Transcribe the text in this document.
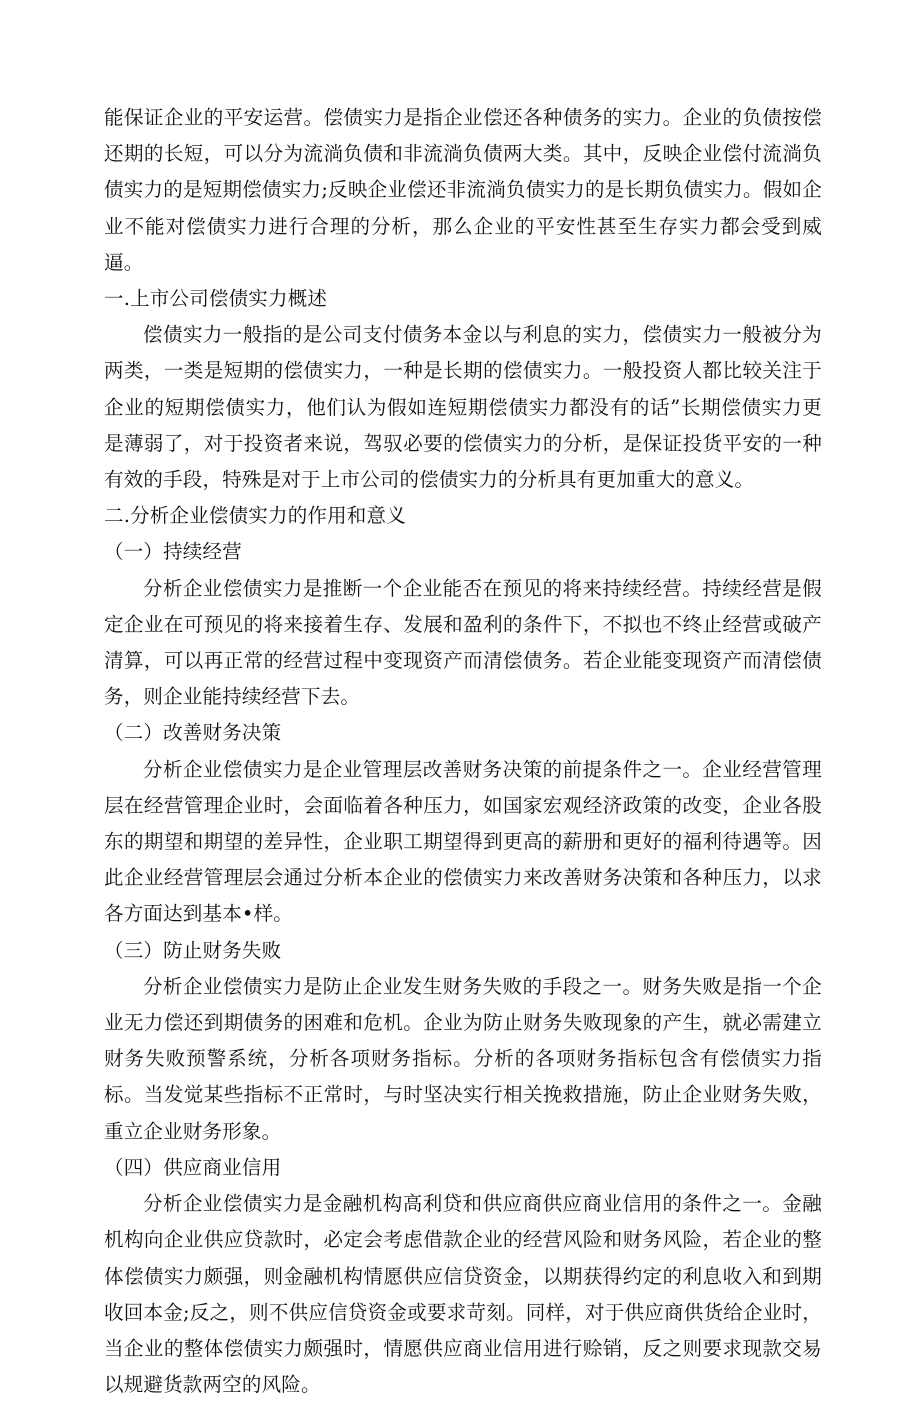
能保证企业的平安运营。偿债实力是指企业偿还各种债务的实力。企业的负债按偿还期的长短，可以分为流淌负债和非流淌负债两大类。其中，反映企业偿付流淌负债实力的是短期偿债实力;反映企业偿还非流淌负债实力的是长期负债实力。假如企业不能对偿债实力进行合理的分析，那么企业的平安性甚至生存实力都会受到威逼。

一.上市公司偿债实力概述

偿债实力一般指的是公司支付债务本金以与利息的实力，偿债实力一般被分为两类，一类是短期的偿债实力，一种是长期的偿债实力。一般投资人都比较关注于企业的短期偿债实力，他们认为假如连短期偿债实力都没有的话”长期偿债实力更是薄弱了，对于投资者来说，驾驭必要的偿债实力的分析，是保证投货平安的一种有效的手段，特殊是对于上市公司的偿债实力的分析具有更加重大的意义。

二.分析企业偿债实力的作用和意义

（一）持续经营

分析企业偿债实力是推断一个企业能否在预见的将来持续经营。持续经营是假定企业在可预见的将来接着生存、发展和盈利的条件下，不拟也不终止经营或破产清算，可以再正常的经营过程中变现资产而清偿债务。若企业能变现资产而清偿债务，则企业能持续经营下去。

（二）改善财务决策

分析企业偿债实力是企业管理层改善财务决策的前提条件之一。企业经营管理层在经营管理企业时，会面临着各种压力，如国家宏观经济政策的改变，企业各股东的期望和期望的差异性，企业职工期望得到更高的薪册和更好的福利待遇等。因此企业经营管理层会通过分析本企业的偿债实力来改善财务决策和各种压力，以求各方面达到基本•样。

（三）防止财务失败

分析企业偿债实力是防止企业发生财务失败的手段之一。财务失败是指一个企业无力偿还到期债务的困难和危机。企业为防止财务失败现象的产生，就必需建立财务失败预警系统，分析各项财务指标。分析的各项财务指标包含有偿债实力指标。当发觉某些指标不正常时，与时坚决实行相关挽救措施，防止企业财务失败，重立企业财务形象。

（四）供应商业信用

分析企业偿债实力是金融机构高利贷和供应商供应商业信用的条件之一。金融机构向企业供应贷款时，必定会考虑借款企业的经营风险和财务风险，若企业的整体偿债实力颇强，则金融机构情愿供应信贷资金，以期获得约定的利息收入和到期收回本金;反之，则不供应信贷资金或要求苛刻。同样，对于供应商供货给企业时，当企业的整体偿债实力颇强时，情愿供应商业信用进行赊销，反之则要求现款交易以规避货款两空的风险。
